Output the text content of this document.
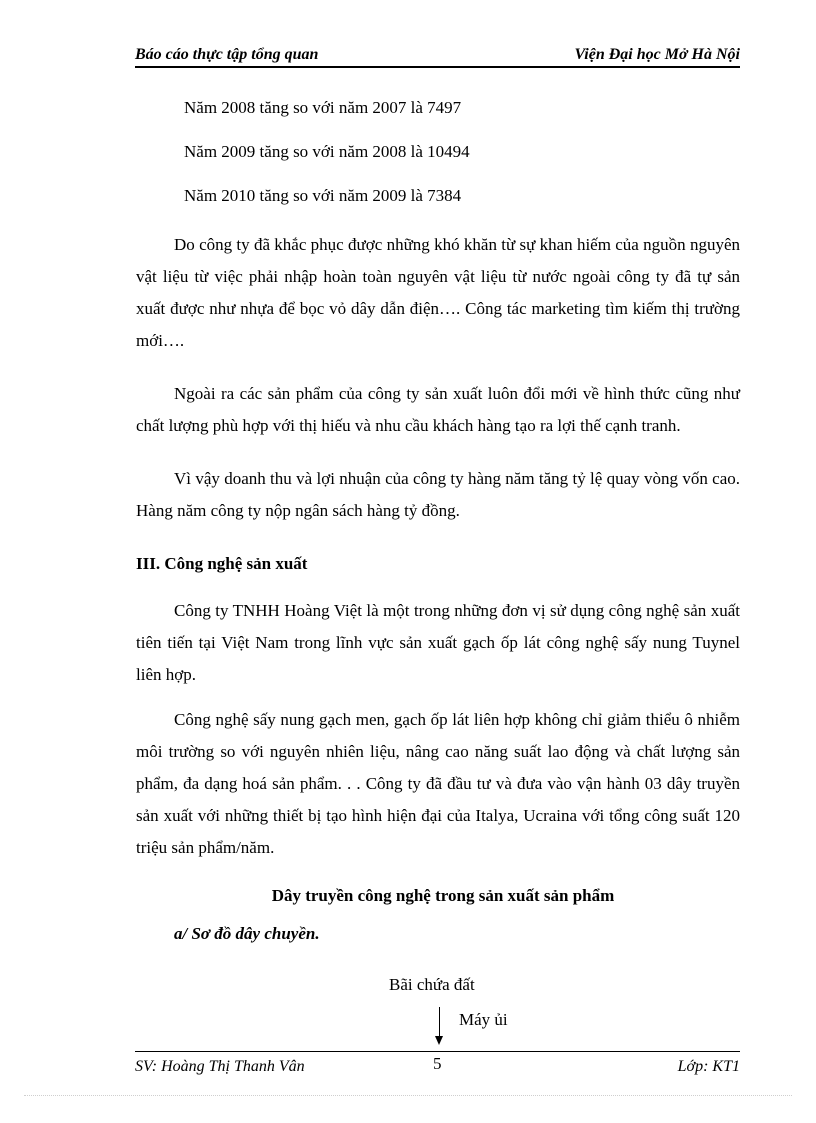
Báo cáo thực tập tổng quan	Viện Đại học Mở Hà Nội

Năm 2008 tăng so với năm 2007 là 7497

Năm 2009 tăng so với năm 2008 là 10494

Năm 2010 tăng so với năm 2009 là 7384

Do công ty đã khắc phục được những khó khăn từ sự khan hiếm của nguồn nguyên vật liệu từ việc phải nhập hoàn toàn nguyên vật liệu từ nước ngoài công ty đã tự sản xuất được như nhựa để bọc vỏ dây dẫn điện…. Công tác marketing tìm kiếm thị trường mới….

Ngoài ra các sản phẩm của công ty sản xuất luôn đổi mới về hình thức cũng như chất lượng phù hợp với thị hiếu và nhu cầu khách hàng tạo ra lợi thế cạnh tranh.

Vì vậy doanh thu và lợi nhuận của công ty hàng năm tăng tỷ lệ quay vòng vốn cao. Hàng năm công ty nộp ngân sách hàng tỷ đồng.

III. Công nghệ sản xuất

Công ty TNHH Hoàng Việt là một trong những đơn vị sử dụng công nghệ sản xuất tiên tiến tại Việt Nam trong lĩnh vực sản xuất gạch ốp lát công nghệ sấy nung Tuynel liên hợp.

Công nghệ sấy nung gạch men, gạch ốp lát liên hợp không chỉ giảm thiểu ô nhiễm môi trường so với nguyên nhiên liệu, nâng cao năng suất lao động và chất lượng sản phẩm, đa dạng hoá sản phẩm. . . Công ty đã đầu tư và đưa vào vận hành 03 dây truyền sản xuất với những thiết bị tạo hình hiện đại của Italya, Ucraina với tổng công suất 120 triệu sản phẩm/năm.

Dây truyền công nghệ trong sản xuất sản phẩm

a/ Sơ đồ dây chuyền.

Bãi chứa đất
Máy ủi
SV: Hoàng Thị Thanh Vân	5	Lớp: KT1
